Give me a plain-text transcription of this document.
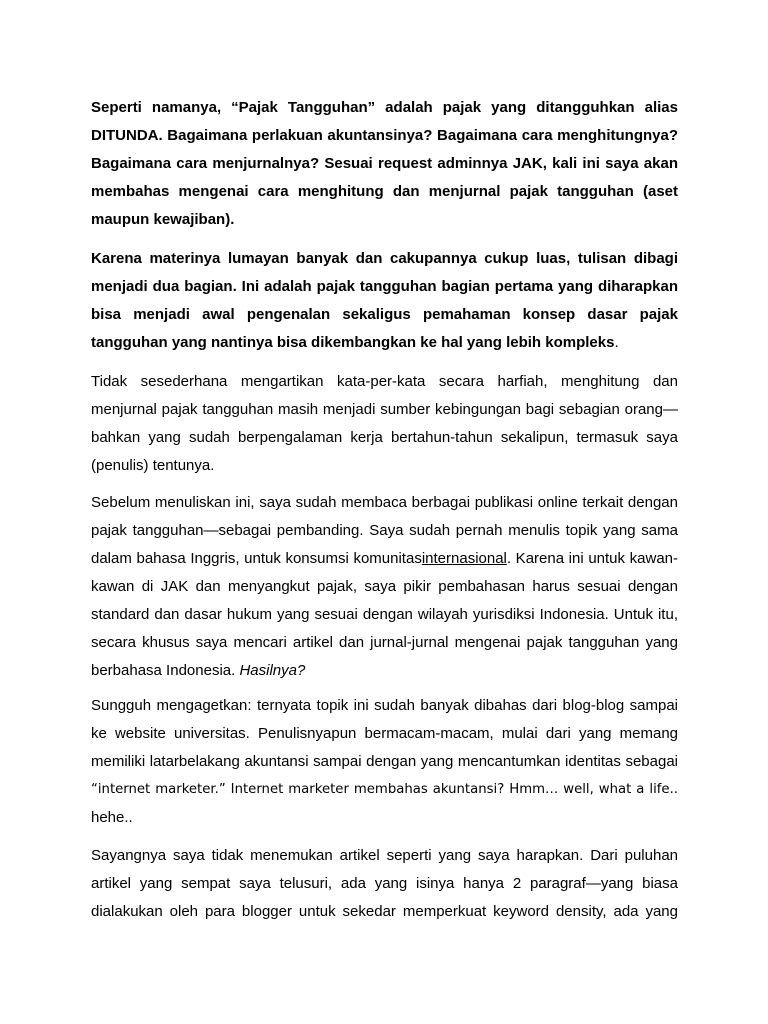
Seperti namanya, “Pajak Tangguhan” adalah pajak yang ditangguhkan alias
DITUNDA. Bagaimana perlakuan akuntansinya? Bagaimana cara menghitungnya?
Bagaimana cara menjurnalnya? Sesuai request adminnya JAK, kali ini saya akan
membahas mengenai cara menghitung dan menjurnal pajak tangguhan (aset
maupun kewajiban).
Karena materinya lumayan banyak dan cakupannya cukup luas, tulisan dibagi
menjadi dua bagian. Ini adalah pajak tangguhan bagian pertama yang diharapkan
bisa menjadi awal pengenalan sekaligus pemahaman konsep dasar pajak
tangguhan yang nantinya bisa dikembangkan ke hal yang lebih kompleks.
Tidak sesederhana mengartikan kata-per-kata secara harfiah, menghitung dan
menjurnal pajak tangguhan masih menjadi sumber kebingungan bagi sebagian orang—
bahkan yang sudah berpengalaman kerja bertahun-tahun sekalipun, termasuk saya
(penulis) tentunya.
Sebelum menuliskan ini, saya sudah membaca berbagai publikasi online terkait dengan
pajak tangguhan—sebagai pembanding. Saya sudah pernah menulis topik yang sama
dalam bahasa Inggris, untuk konsumsi komunitasinternasional. Karena ini untuk kawan-
kawan di JAK dan menyangkut pajak, saya pikir pembahasan harus sesuai dengan
standard dan dasar hukum yang sesuai dengan wilayah yurisdiksi Indonesia. Untuk itu,
secara khusus saya mencari artikel dan jurnal-jurnal mengenai pajak tangguhan yang
berbahasa Indonesia. Hasilnya?
Sungguh mengagetkan: ternyata topik ini sudah banyak dibahas dari blog-blog sampai
ke website universitas. Penulisnyapun bermacam-macam, mulai dari yang memang
memiliki latarbelakang akuntansi sampai dengan yang mencantumkan identitas sebagai
“internet marketer.” Internet marketer membahas akuntansi? Hmm… well, what a life..
hehe..
Sayangnya saya tidak menemukan artikel seperti yang saya harapkan. Dari puluhan
artikel yang sempat saya telusuri, ada yang isinya hanya 2 paragraf—yang biasa
dialakukan oleh para blogger untuk sekedar memperkuat keyword density, ada yang
